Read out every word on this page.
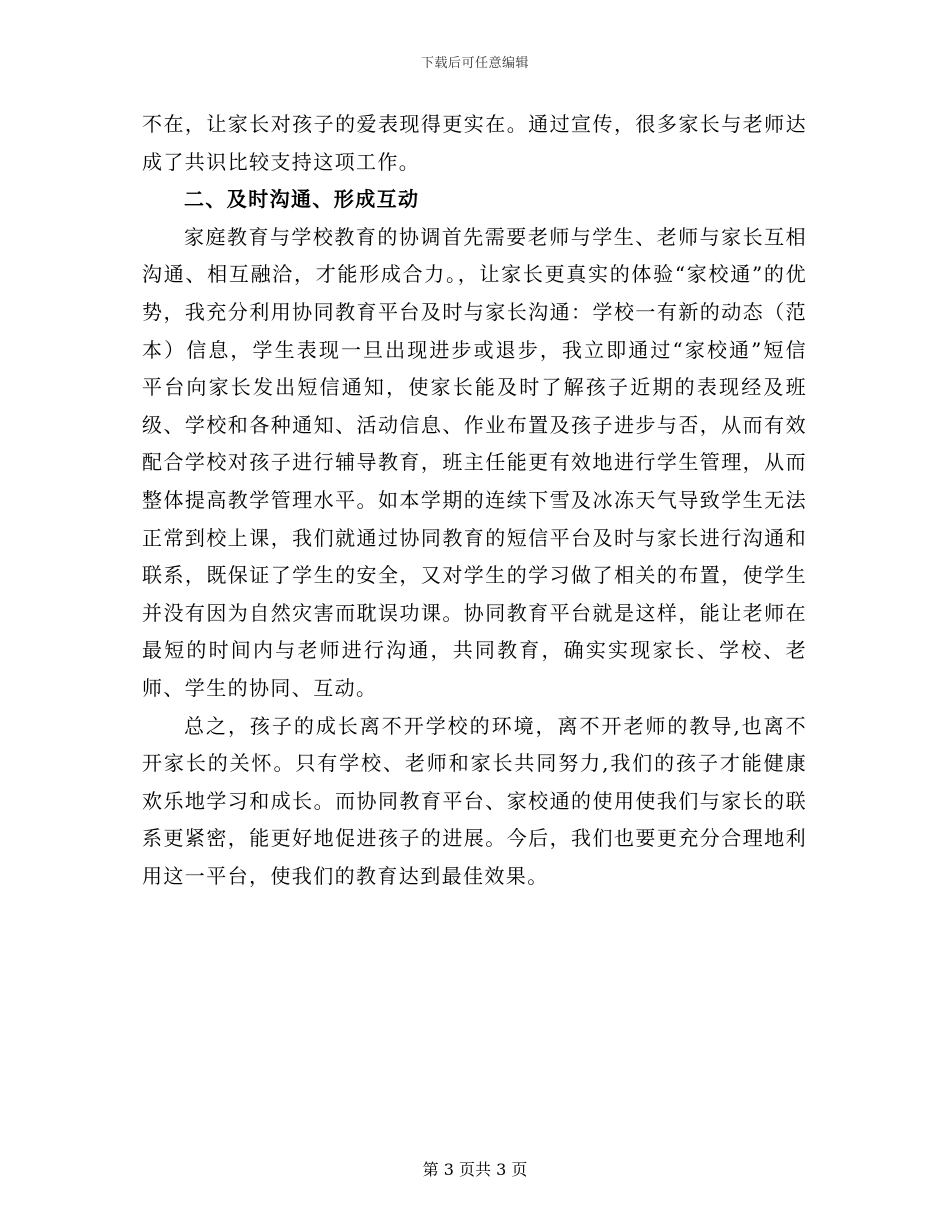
下载后可任意编辑

不在，让家长对孩子的爱表现得更实在。通过宣传，很多家长与老师达成了共识比较支持这项工作。

二、及时沟通、形成互动

家庭教育与学校教育的协调首先需要老师与学生、老师与家长互相沟通、相互融洽，才能形成合力。，让家长更真实的体验“家校通”的优势，我充分利用协同教育平台及时与家长沟通：学校一有新的动态（范本）信息，学生表现一旦出现进步或退步，我立即通过“家校通”短信平台向家长发出短信通知，使家长能及时了解孩子近期的表现经及班级、学校和各种通知、活动信息、作业布置及孩子进步与否，从而有效配合学校对孩子进行辅导教育，班主任能更有效地进行学生管理，从而整体提高教学管理水平。如本学期的连续下雪及冰冻天气导致学生无法正常到校上课，我们就通过协同教育的短信平台及时与家长进行沟通和联系，既保证了学生的安全，又对学生的学习做了相关的布置，使学生并没有因为自然灾害而耽误功课。协同教育平台就是这样，能让老师在最短的时间内与老师进行沟通，共同教育，确实实现家长、学校、老师、学生的协同、互动。

总之，孩子的成长离不开学校的环境，离不开老师的教导,也离不开家长的关怀。只有学校、老师和家长共同努力,我们的孩子才能健康欢乐地学习和成长。而协同教育平台、家校通的使用使我们与家长的联系更紧密，能更好地促进孩子的进展。今后，我们也要更充分合理地利用这一平台，使我们的教育达到最佳效果。

第 3 页共 3 页
